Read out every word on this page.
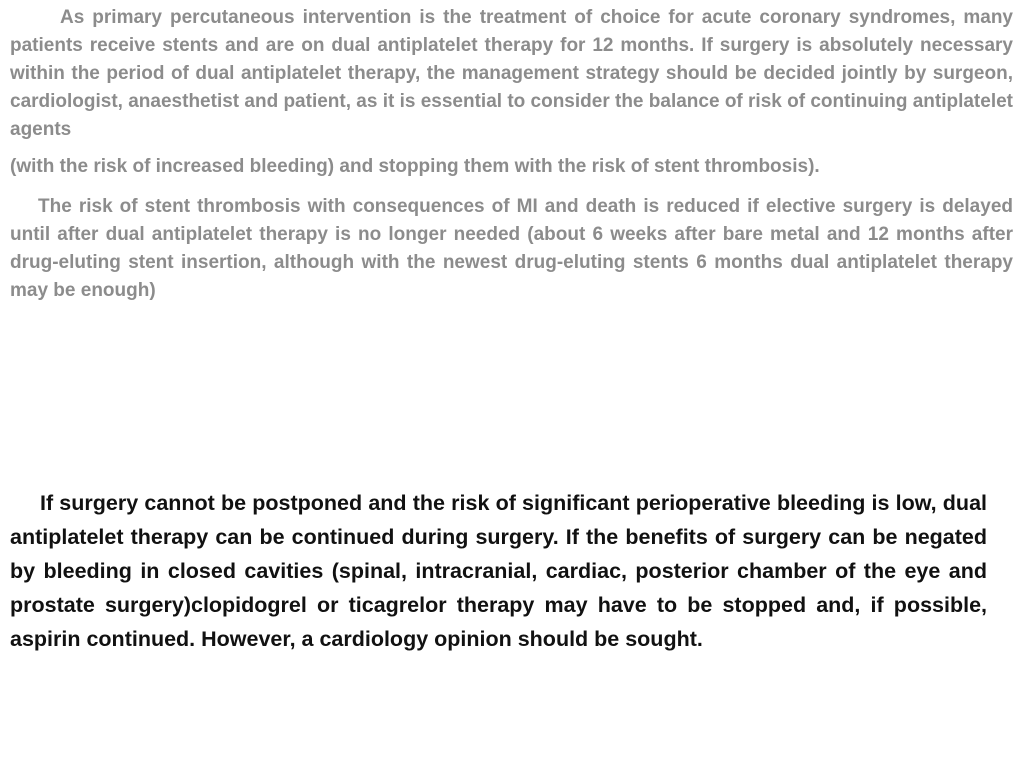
As primary percutaneous intervention is the treatment of choice for acute coronary syndromes, many patients receive stents and are on dual antiplatelet therapy for 12 months. If surgery is absolutely necessary within the period of dual antiplatelet therapy, the management strategy should be decided jointly by surgeon, cardiologist, anaesthetist and patient, as it is essential to consider the balance of risk of continuing antiplatelet agents

(with the risk of increased bleeding) and stopping them with the risk of stent thrombosis).

The risk of stent thrombosis with consequences of MI and death is reduced if elective surgery is delayed until after dual antiplatelet therapy is no longer needed (about 6 weeks after bare metal and 12 months after drug-eluting stent insertion, although with the newest drug-eluting stents 6 months dual antiplatelet therapy may be enough)

If surgery cannot be postponed and the risk of significant perioperative bleeding is low, dual antiplatelet therapy can be continued during surgery. If the benefits of surgery can be negated by bleeding in closed cavities (spinal, intracranial, cardiac, posterior chamber of the eye and prostate surgery)clopidogrel or ticagrelor therapy may have to be stopped and, if possible, aspirin continued. However, a cardiology opinion should be sought.
